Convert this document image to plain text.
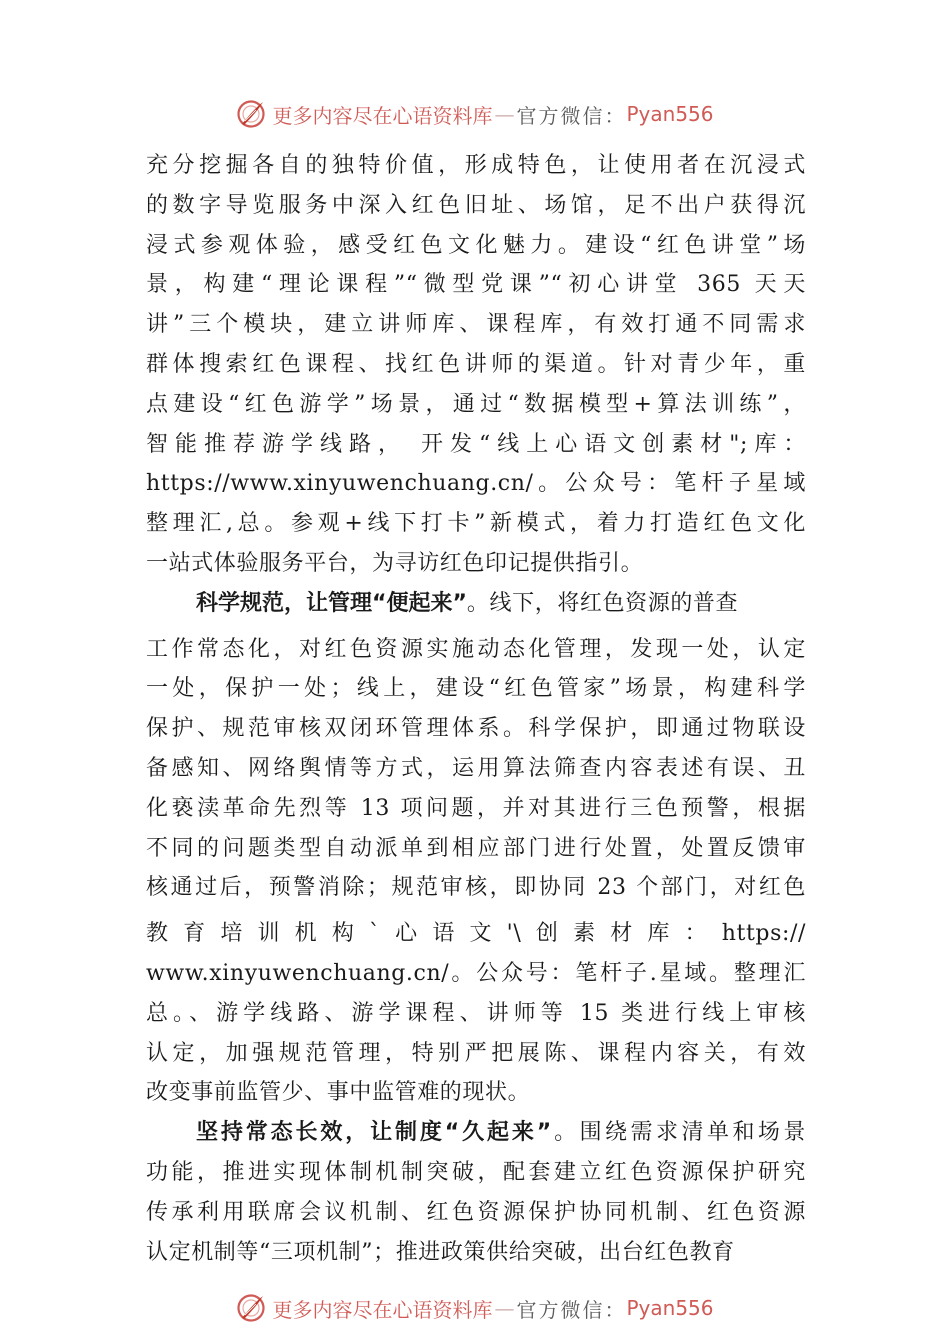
更多内容尽在心语资料库 — 官方微信： Pyan556
充分挖掘各自的独特价值，形成特色，让使用者在沉浸式
的数字导览服务中深入红色旧址、场馆，足不出户获得沉
浸式参观体验，感受红色文化魅力。建设“红色讲堂”场
景，构建“理论课程”“微型党课”“初心讲堂 365 天天
讲”三个模块，建立讲师库、课程库，有效打通不同需求
群体搜索红色课程、找红色讲师的渠道。针对青少年，重
点建设“红色游学”场景，通过“数据模型+算法训练”，
智能推荐游学线路， 开发“线上心语文创素材";库：
https://www.xinyuwenchuang.cn/。公众号：笔杆子星域
整理汇,总。参观+线下打卡”新模式，着力打造红色文化
一站式体验服务平台，为寻访红色印记提供指引。
科学规范，让管理“便起来”。线下，将红色资源的普查
工作常态化，对红色资源实施动态化管理，发现一处，认定
一处，保护一处；线上，建设“红色管家”场景，构建科学
保护、规范审核双闭环管理体系。科学保护，即通过物联设
备感知、网络舆情等方式，运用算法筛查内容表述有误、丑
化亵渎革命先烈等 13 项问题，并对其进行三色预警，根据
不同的问题类型自动派单到相应部门进行处置，处置反馈审
核通过后，预警消除；规范审核，即协同 23 个部门，对红色
教育培训机构`心语文'\创素材库：https://
www.xinyuwenchuang.cn/。公众号：笔杆子.星域。整理汇
总。、游学线路、游学课程、讲师等 15 类进行线上审核
认定，加强规范管理，特别严把展陈、课程内容关，有效
改变事前监管少、事中监管难的现状。
坚持常态长效，让制度“久起来”。围绕需求清单和场景
功能，推进实现体制机制突破，配套建立红色资源保护研究
传承利用联席会议机制、红色资源保护协同机制、红色资源
认定机制等“三项机制”；推进政策供给突破，出台红色教育
更多内容尽在心语资料库 — 官方微信： Pyan556
